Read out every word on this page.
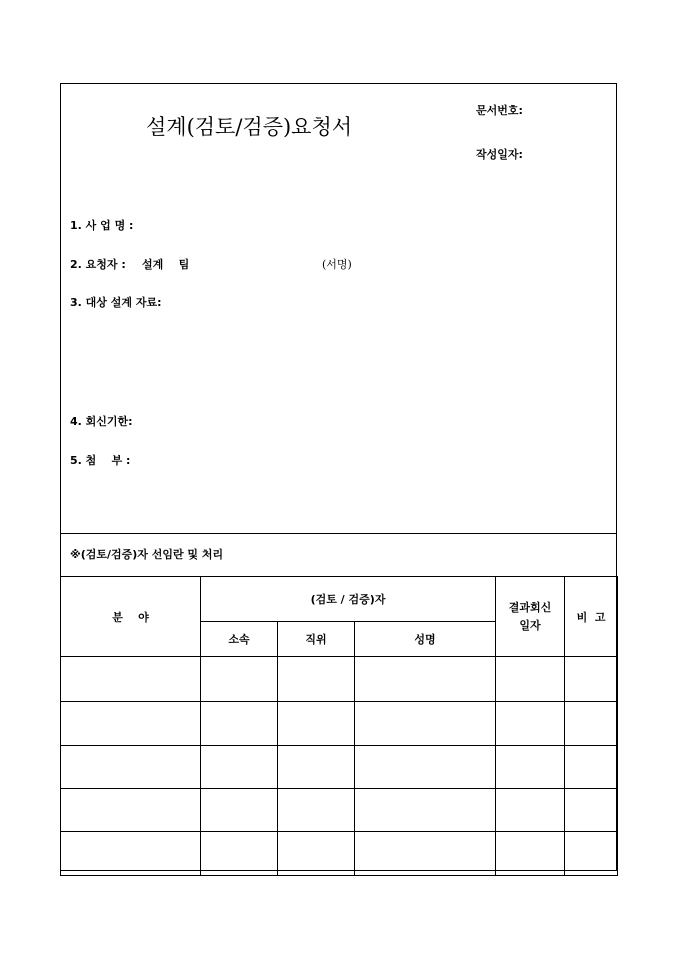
설계(검토/검증)요청서
문서번호:
작성일자:
1. 사 업 명 :
2. 요청자 : 설계    팀	(서명)
3. 대상 설계 자료:
4. 회신기한:
5. 첨    부 :
※(검토/검증)자 선임란 및 처리
분    야	(검토 / 검증)자			결과회신 일자	비  고
	소속	직위	성명		
